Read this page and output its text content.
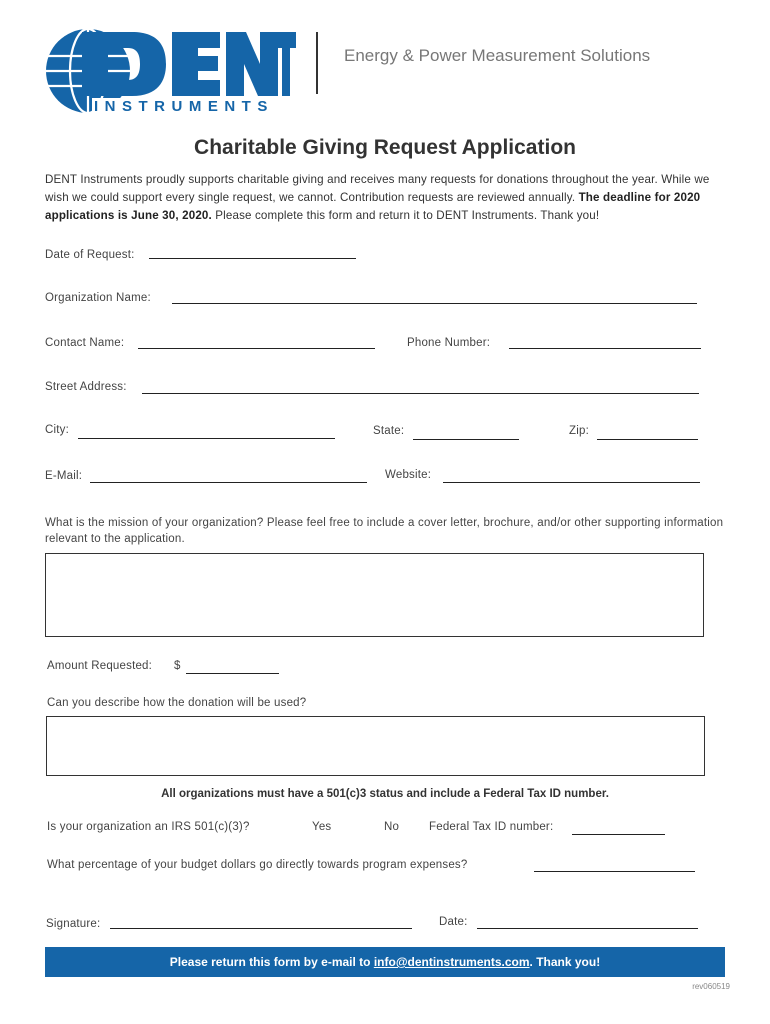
INSTRUMENTS
Energy & Power Measurement Solutions
Charitable Giving Request Application
DENT Instruments proudly supports charitable giving and receives many requests for donations throughout the year. While we wish we could support every single request, we cannot. Contribution requests are reviewed annually. The deadline for 2020 applications is June 30, 2020. Please complete this form and return it to DENT Instruments. Thank you!
Date of Request:
Organization Name:
Contact Name:	Phone Number:
Street Address:
City:	State:	Zip:
E-Mail:	Website:
What is the mission of your organization? Please feel free to include a cover letter, brochure, and/or other supporting information relevant to the application.
Amount Requested: $
Can you describe how the donation will be used?
All organizations must have a 501(c)3 status and include a Federal Tax ID number.
Is your organization an IRS 501(c)(3)?	Yes	No	Federal Tax ID number:
What percentage of your budget dollars go directly towards program expenses?
Signature:	Date:
Please return this form by e-mail to info@dentinstruments.com. Thank you!
rev060519
